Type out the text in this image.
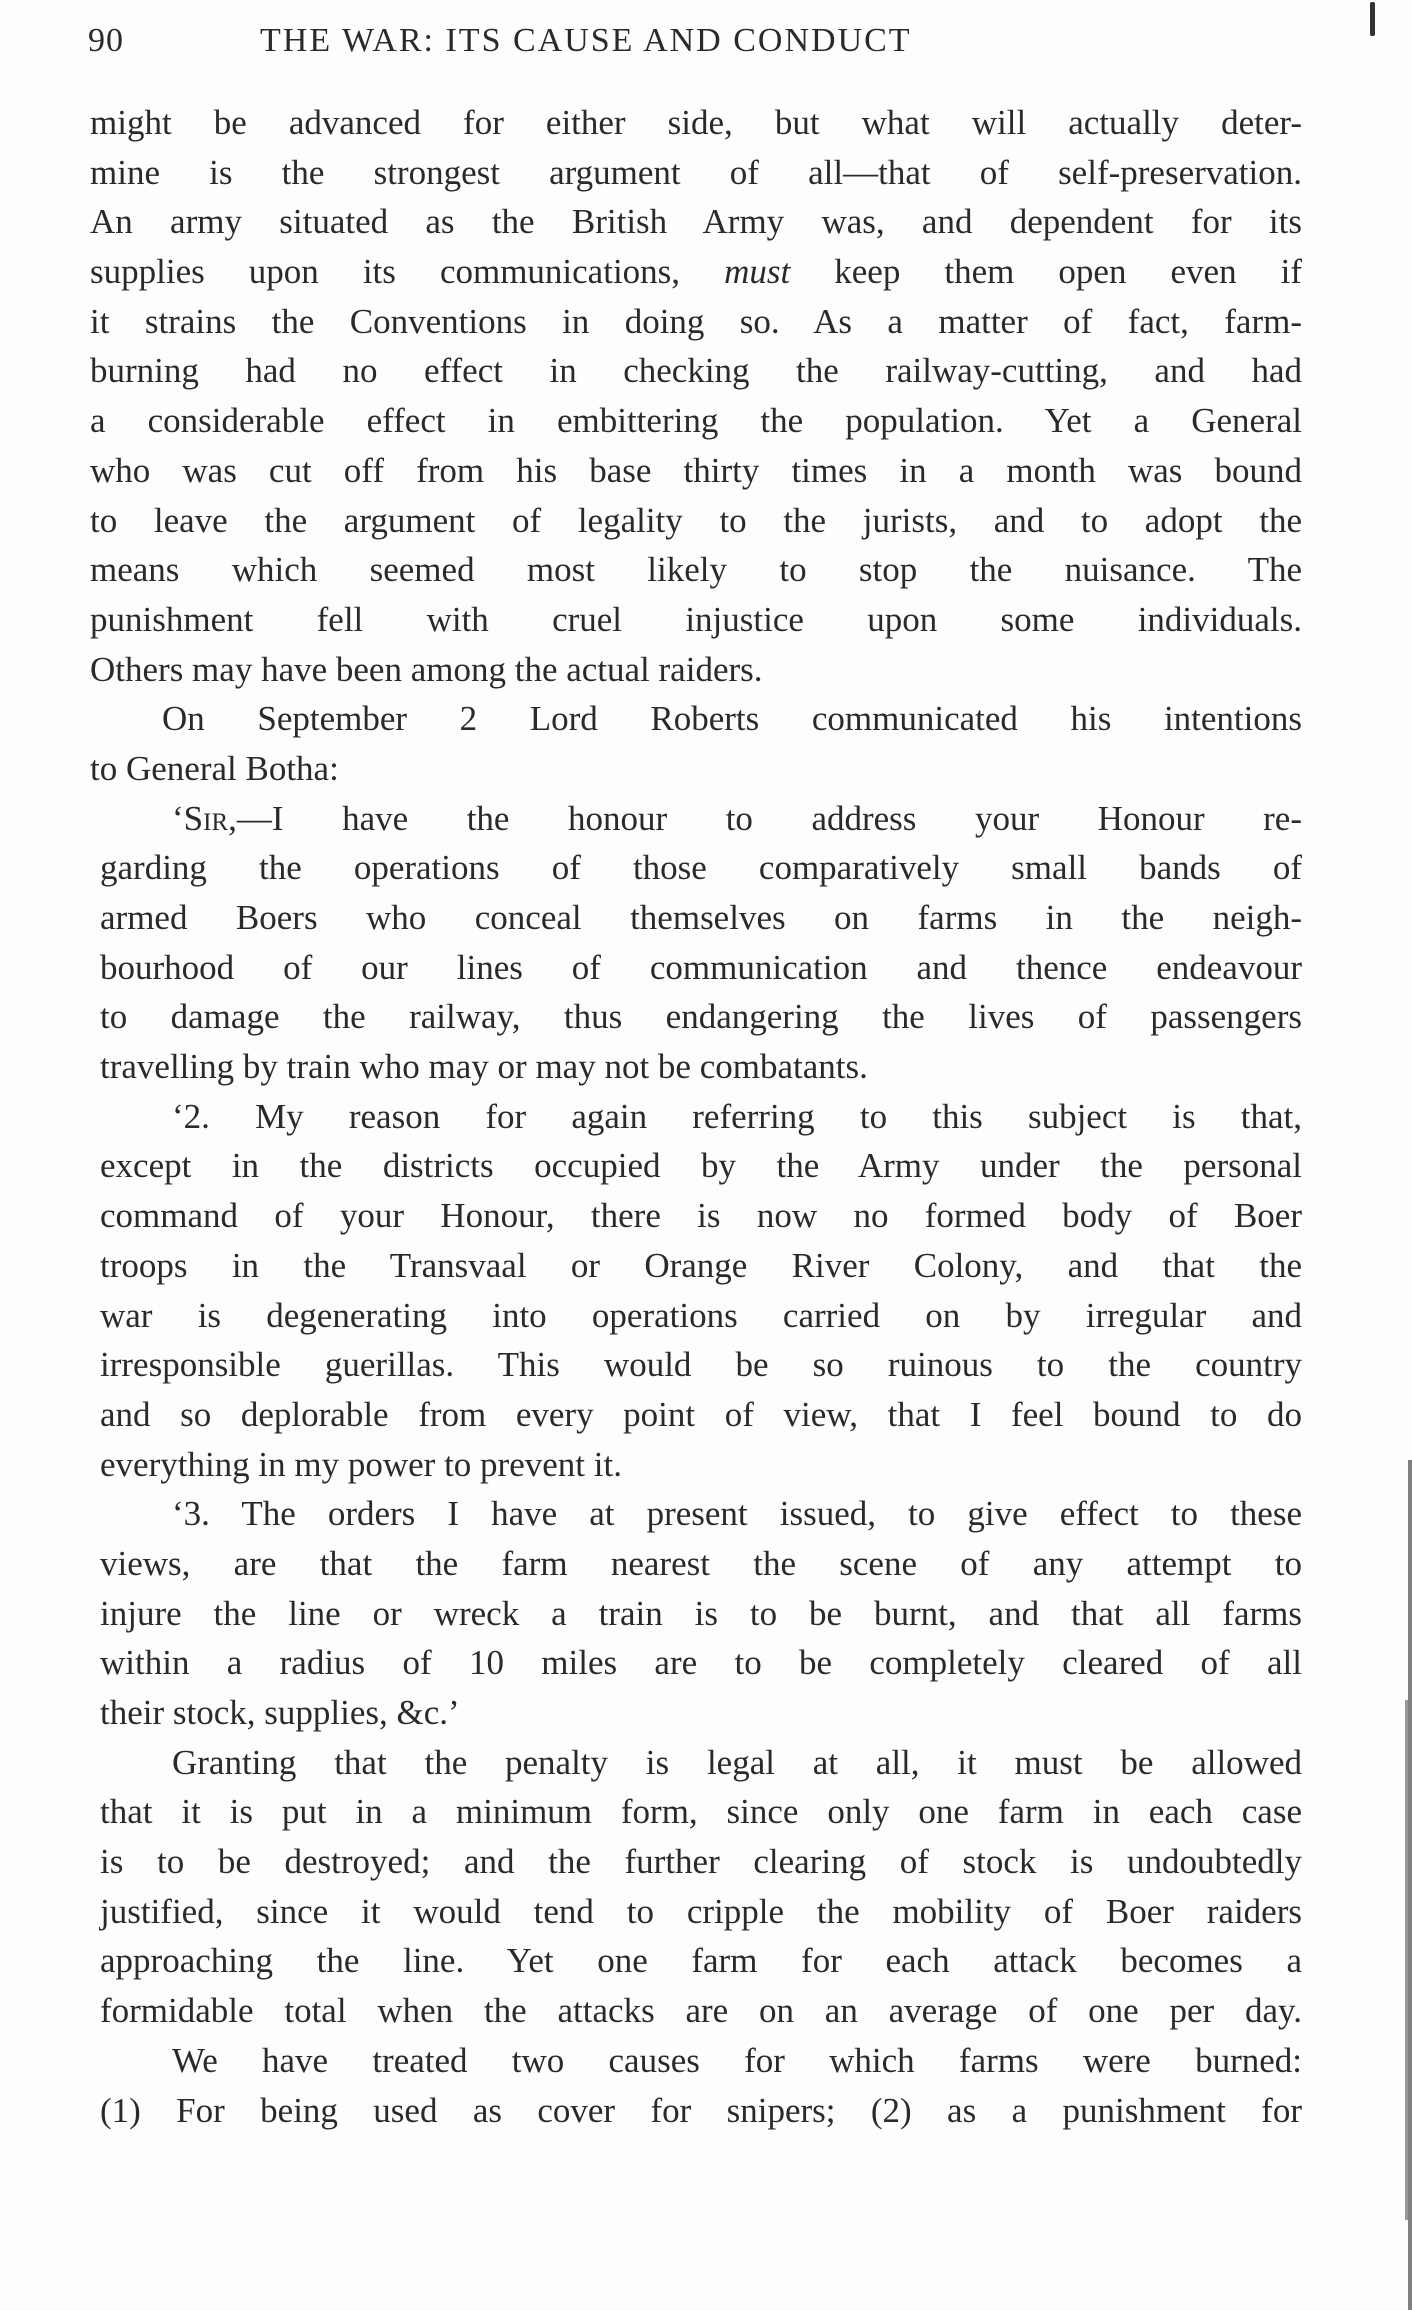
90	THE WAR: ITS CAUSE AND CONDUCT
might be advanced for either side, but what will actually deter-
mine is the strongest argument of all—that of self-preservation.
An army situated as the British Army was, and dependent for its
supplies upon its communications, must keep them open even if
it strains the Conventions in doing so. As a matter of fact, farm-
burning had no effect in checking the railway-cutting, and had
a considerable effect in embittering the population. Yet a General
who was cut off from his base thirty times in a month was bound
to leave the argument of legality to the jurists, and to adopt the
means which seemed most likely to stop the nuisance. The
punishment fell with cruel injustice upon some individuals.
Others may have been among the actual raiders.
On September 2 Lord Roberts communicated his intentions
to General Botha:
‘Sir,—I have the honour to address your Honour re-
garding the operations of those comparatively small bands of
armed Boers who conceal themselves on farms in the neigh-
bourhood of our lines of communication and thence endeavour
to damage the railway, thus endangering the lives of passengers
travelling by train who may or may not be combatants.
‘2. My reason for again referring to this subject is that,
except in the districts occupied by the Army under the personal
command of your Honour, there is now no formed body of Boer
troops in the Transvaal or Orange River Colony, and that the
war is degenerating into operations carried on by irregular and
irresponsible guerillas. This would be so ruinous to the country
and so deplorable from every point of view, that I feel bound to do
everything in my power to prevent it.
‘3. The orders I have at present issued, to give effect to these
views, are that the farm nearest the scene of any attempt to
injure the line or wreck a train is to be burnt, and that all farms
within a radius of 10 miles are to be completely cleared of all
their stock, supplies, &c.’
Granting that the penalty is legal at all, it must be allowed
that it is put in a minimum form, since only one farm in each case
is to be destroyed; and the further clearing of stock is undoubtedly
justified, since it would tend to cripple the mobility of Boer raiders
approaching the line. Yet one farm for each attack becomes a
formidable total when the attacks are on an average of one per day.
We have treated two causes for which farms were burned:
(1) For being used as cover for snipers; (2) as a punishment for
